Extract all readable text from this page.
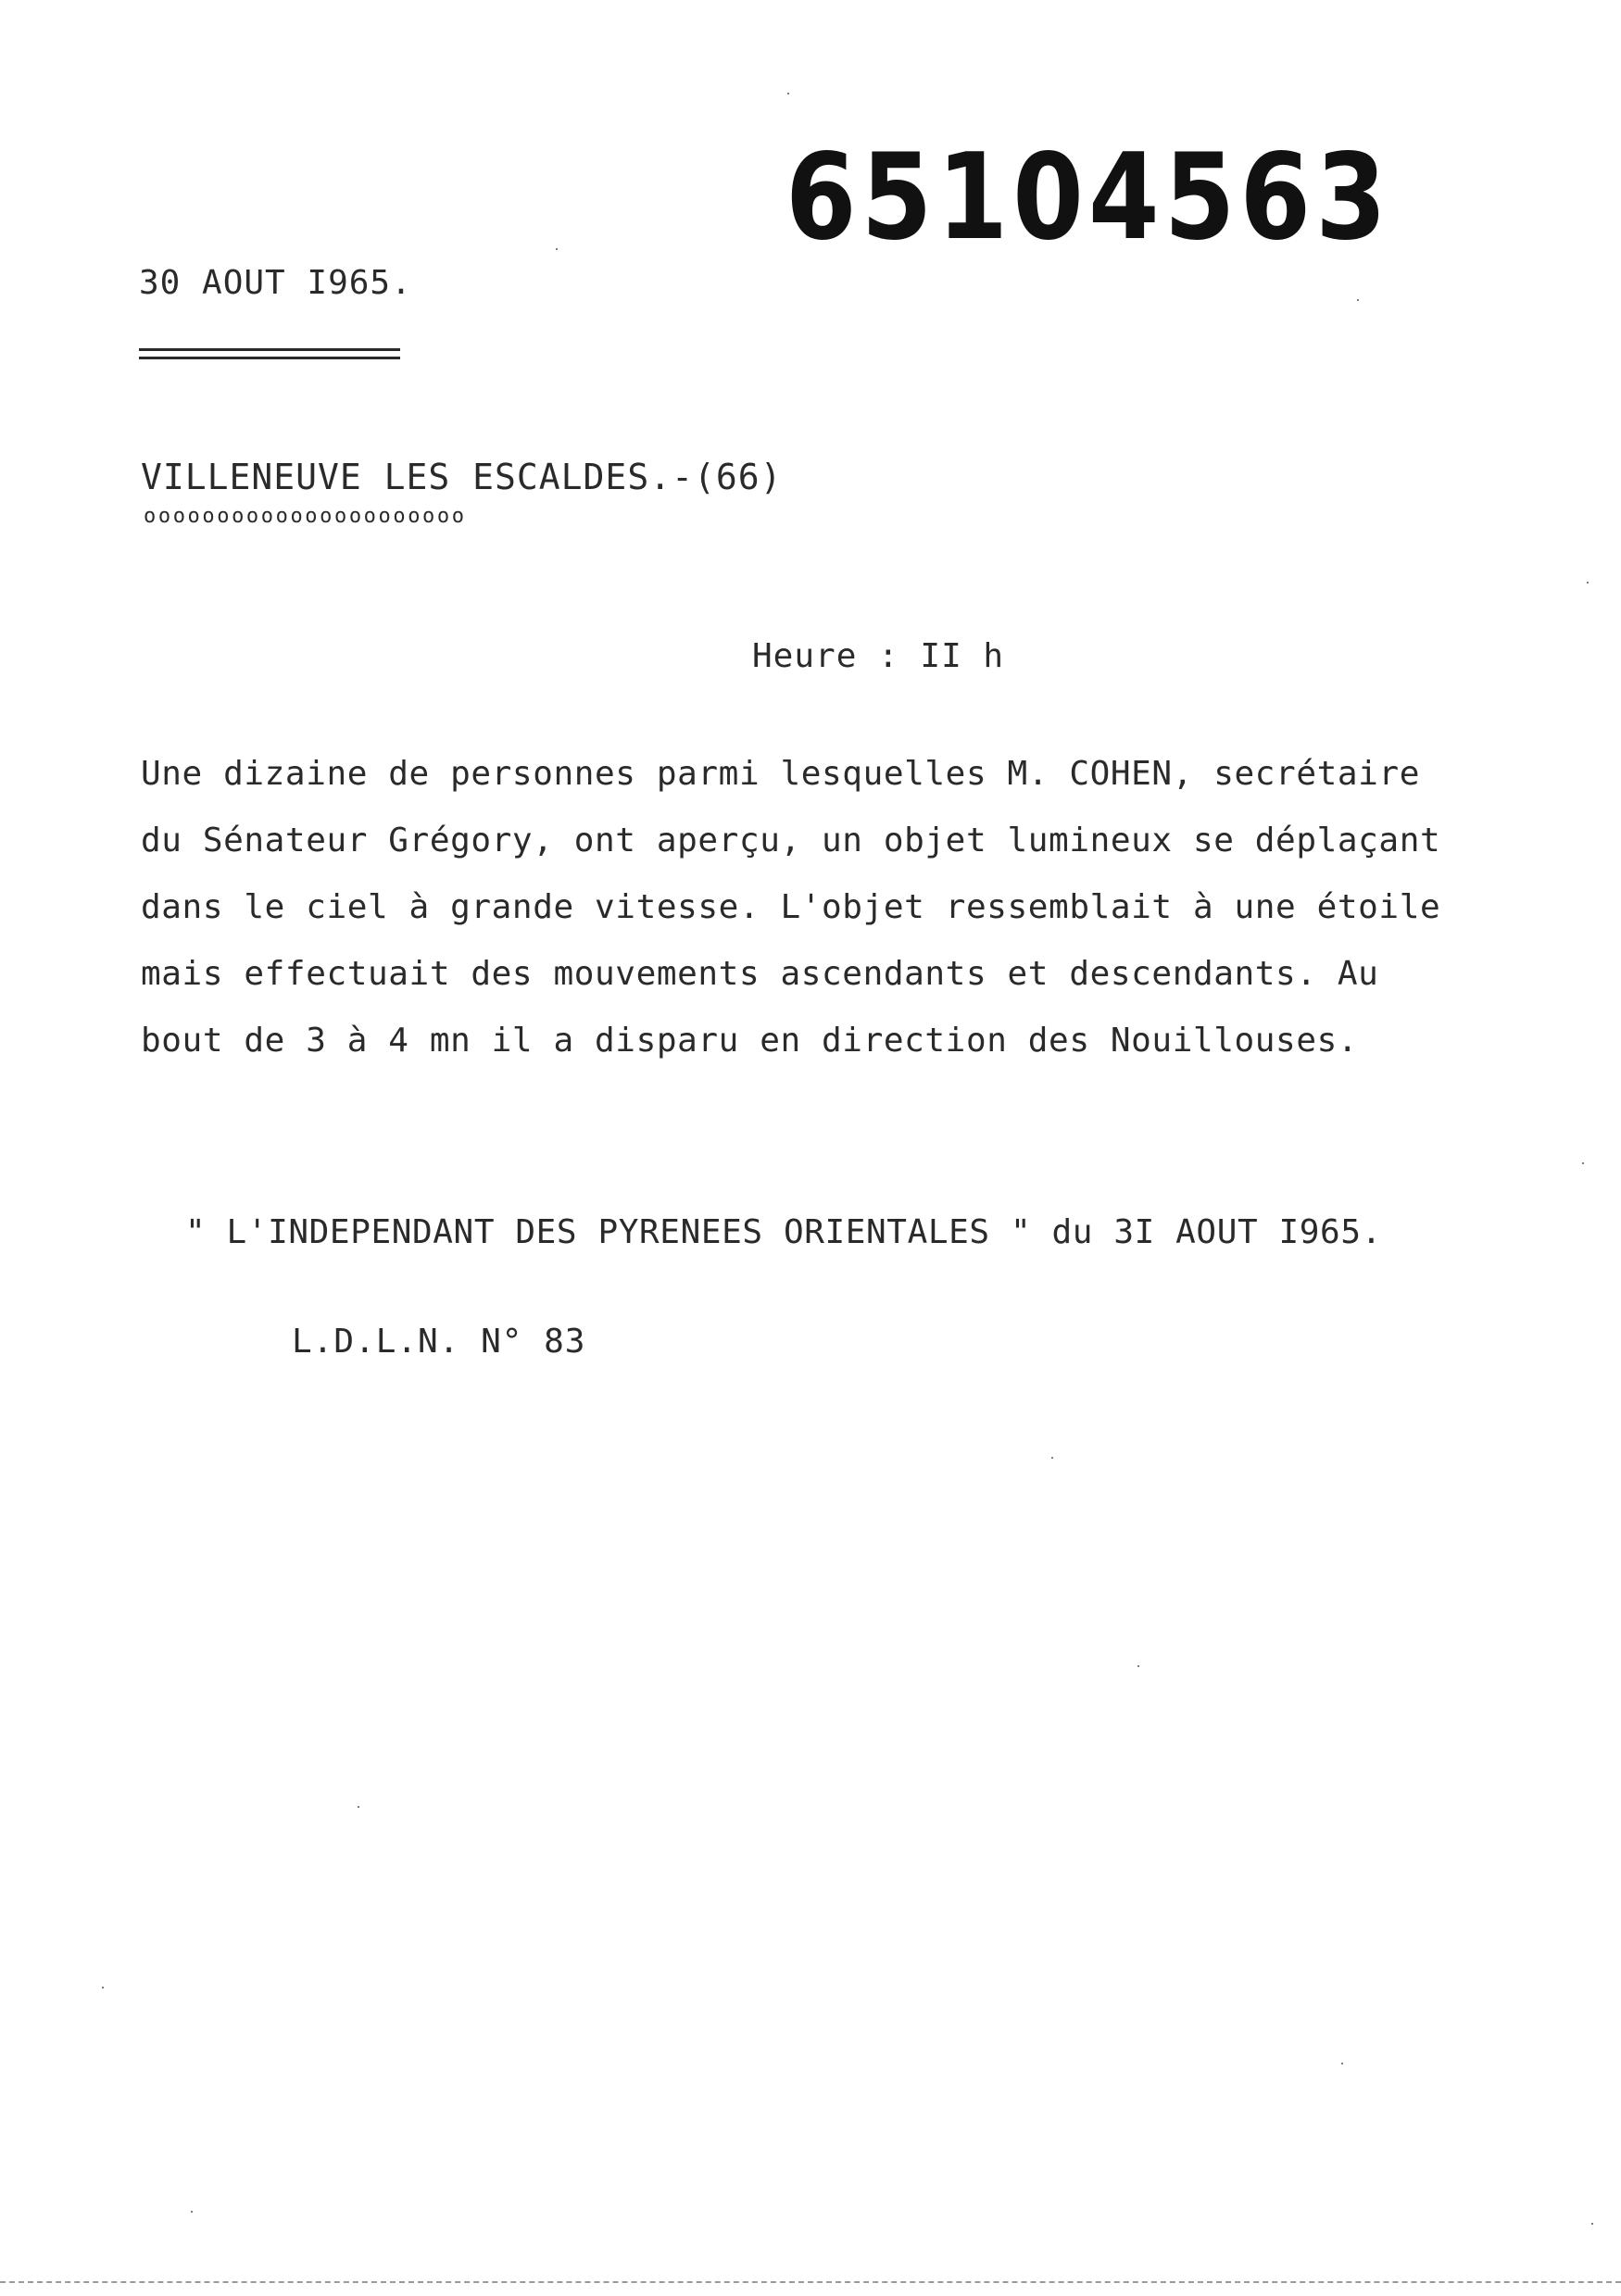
65104563
30 AOUT I965.
VILLENEUVE LES ESCALDES.-(66)
oooooooooooooooooooooo
Heure : II h
Une dizaine de personnes parmi lesquelles M. COHEN, secrétaire
du Sénateur Grégory, ont aperçu, un objet lumineux se déplaçant
dans le ciel à grande vitesse. L'objet ressemblait à une étoile
mais effectuait des mouvements ascendants et descendants. Au
bout de 3 à 4 mn il a disparu en direction des Nouillouses.
" L'INDEPENDANT DES PYRENEES ORIENTALES " du 3I AOUT I965.
L.D.L.N. N° 83
